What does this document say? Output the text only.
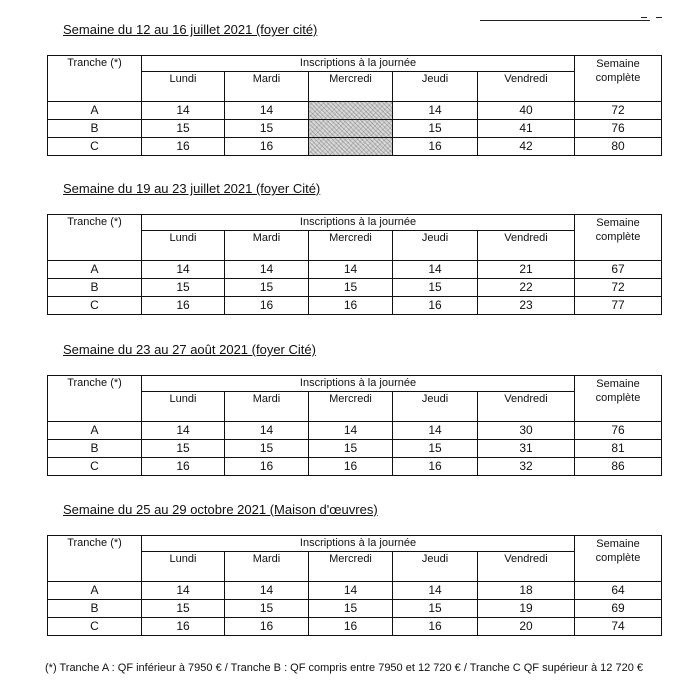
Semaine du 12 au 16 juillet 2021 (foyer cité)
Tranche (*)	Inscriptions à la journée					Semaine
complète
	Lundi	Mardi	Mercredi	Jeudi	Vendredi	
A	14	14		14	40	72
B	15	15		15	41	76
C	16	16		16	42	80
Semaine du 19 au 23 juillet 2021 (foyer Cité)
Tranche (*)	Inscriptions à la journée					Semaine
complète
	Lundi	Mardi	Mercredi	Jeudi	Vendredi	
A	14	14	14	14	21	67
B	15	15	15	15	22	72
C	16	16	16	16	23	77
Semaine du 23 au 27 août 2021 (foyer Cité)
Tranche (*)	Inscriptions à la journée					Semaine
complète
	Lundi	Mardi	Mercredi	Jeudi	Vendredi	
A	14	14	14	14	30	76
B	15	15	15	15	31	81
C	16	16	16	16	32	86
Semaine du 25 au 29 octobre 2021 (Maison d'œuvres)
Tranche (*)	Inscriptions à la journée					Semaine
complète
	Lundi	Mardi	Mercredi	Jeudi	Vendredi	
A	14	14	14	14	18	64
B	15	15	15	15	19	69
C	16	16	16	16	20	74
(*) Tranche A : QF inférieur à 7950 € / Tranche B : QF compris entre 7950 et 12 720 € / Tranche C QF supérieur à 12 720 €
